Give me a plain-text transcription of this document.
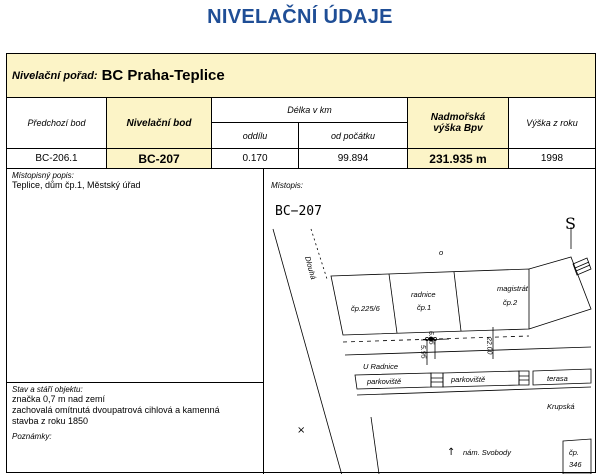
NIVELAČNÍ ÚDAJE
Nivelační pořad: BC Praha-Teplice
Předchozí bod	Nivelační bod
Délka v km
oddílu	od počátku
Nadmořská výška Bpv	Výška z roku
BC-206.1	BC-207	0.170	99.894	231.935 m	1998
Místopisný popis:
Teplice, dům čp.1, Městský úřad
Stav a stáří objektu:
značka 0,7 m nad zemí
zachovalá omítnutá dvoupatrová cihlová a kamenná
stavba z roku 1850
Poznámky:
Místopis:
BC−207
S
Dlouhá
o
čp.225/6
radnice
čp.1
magistrát
čp.2
6.85
5.95	22.00
U Radnice
parkoviště	parkoviště	terasa
Krupská
nám. Svobody	čp.
346
×
↑
